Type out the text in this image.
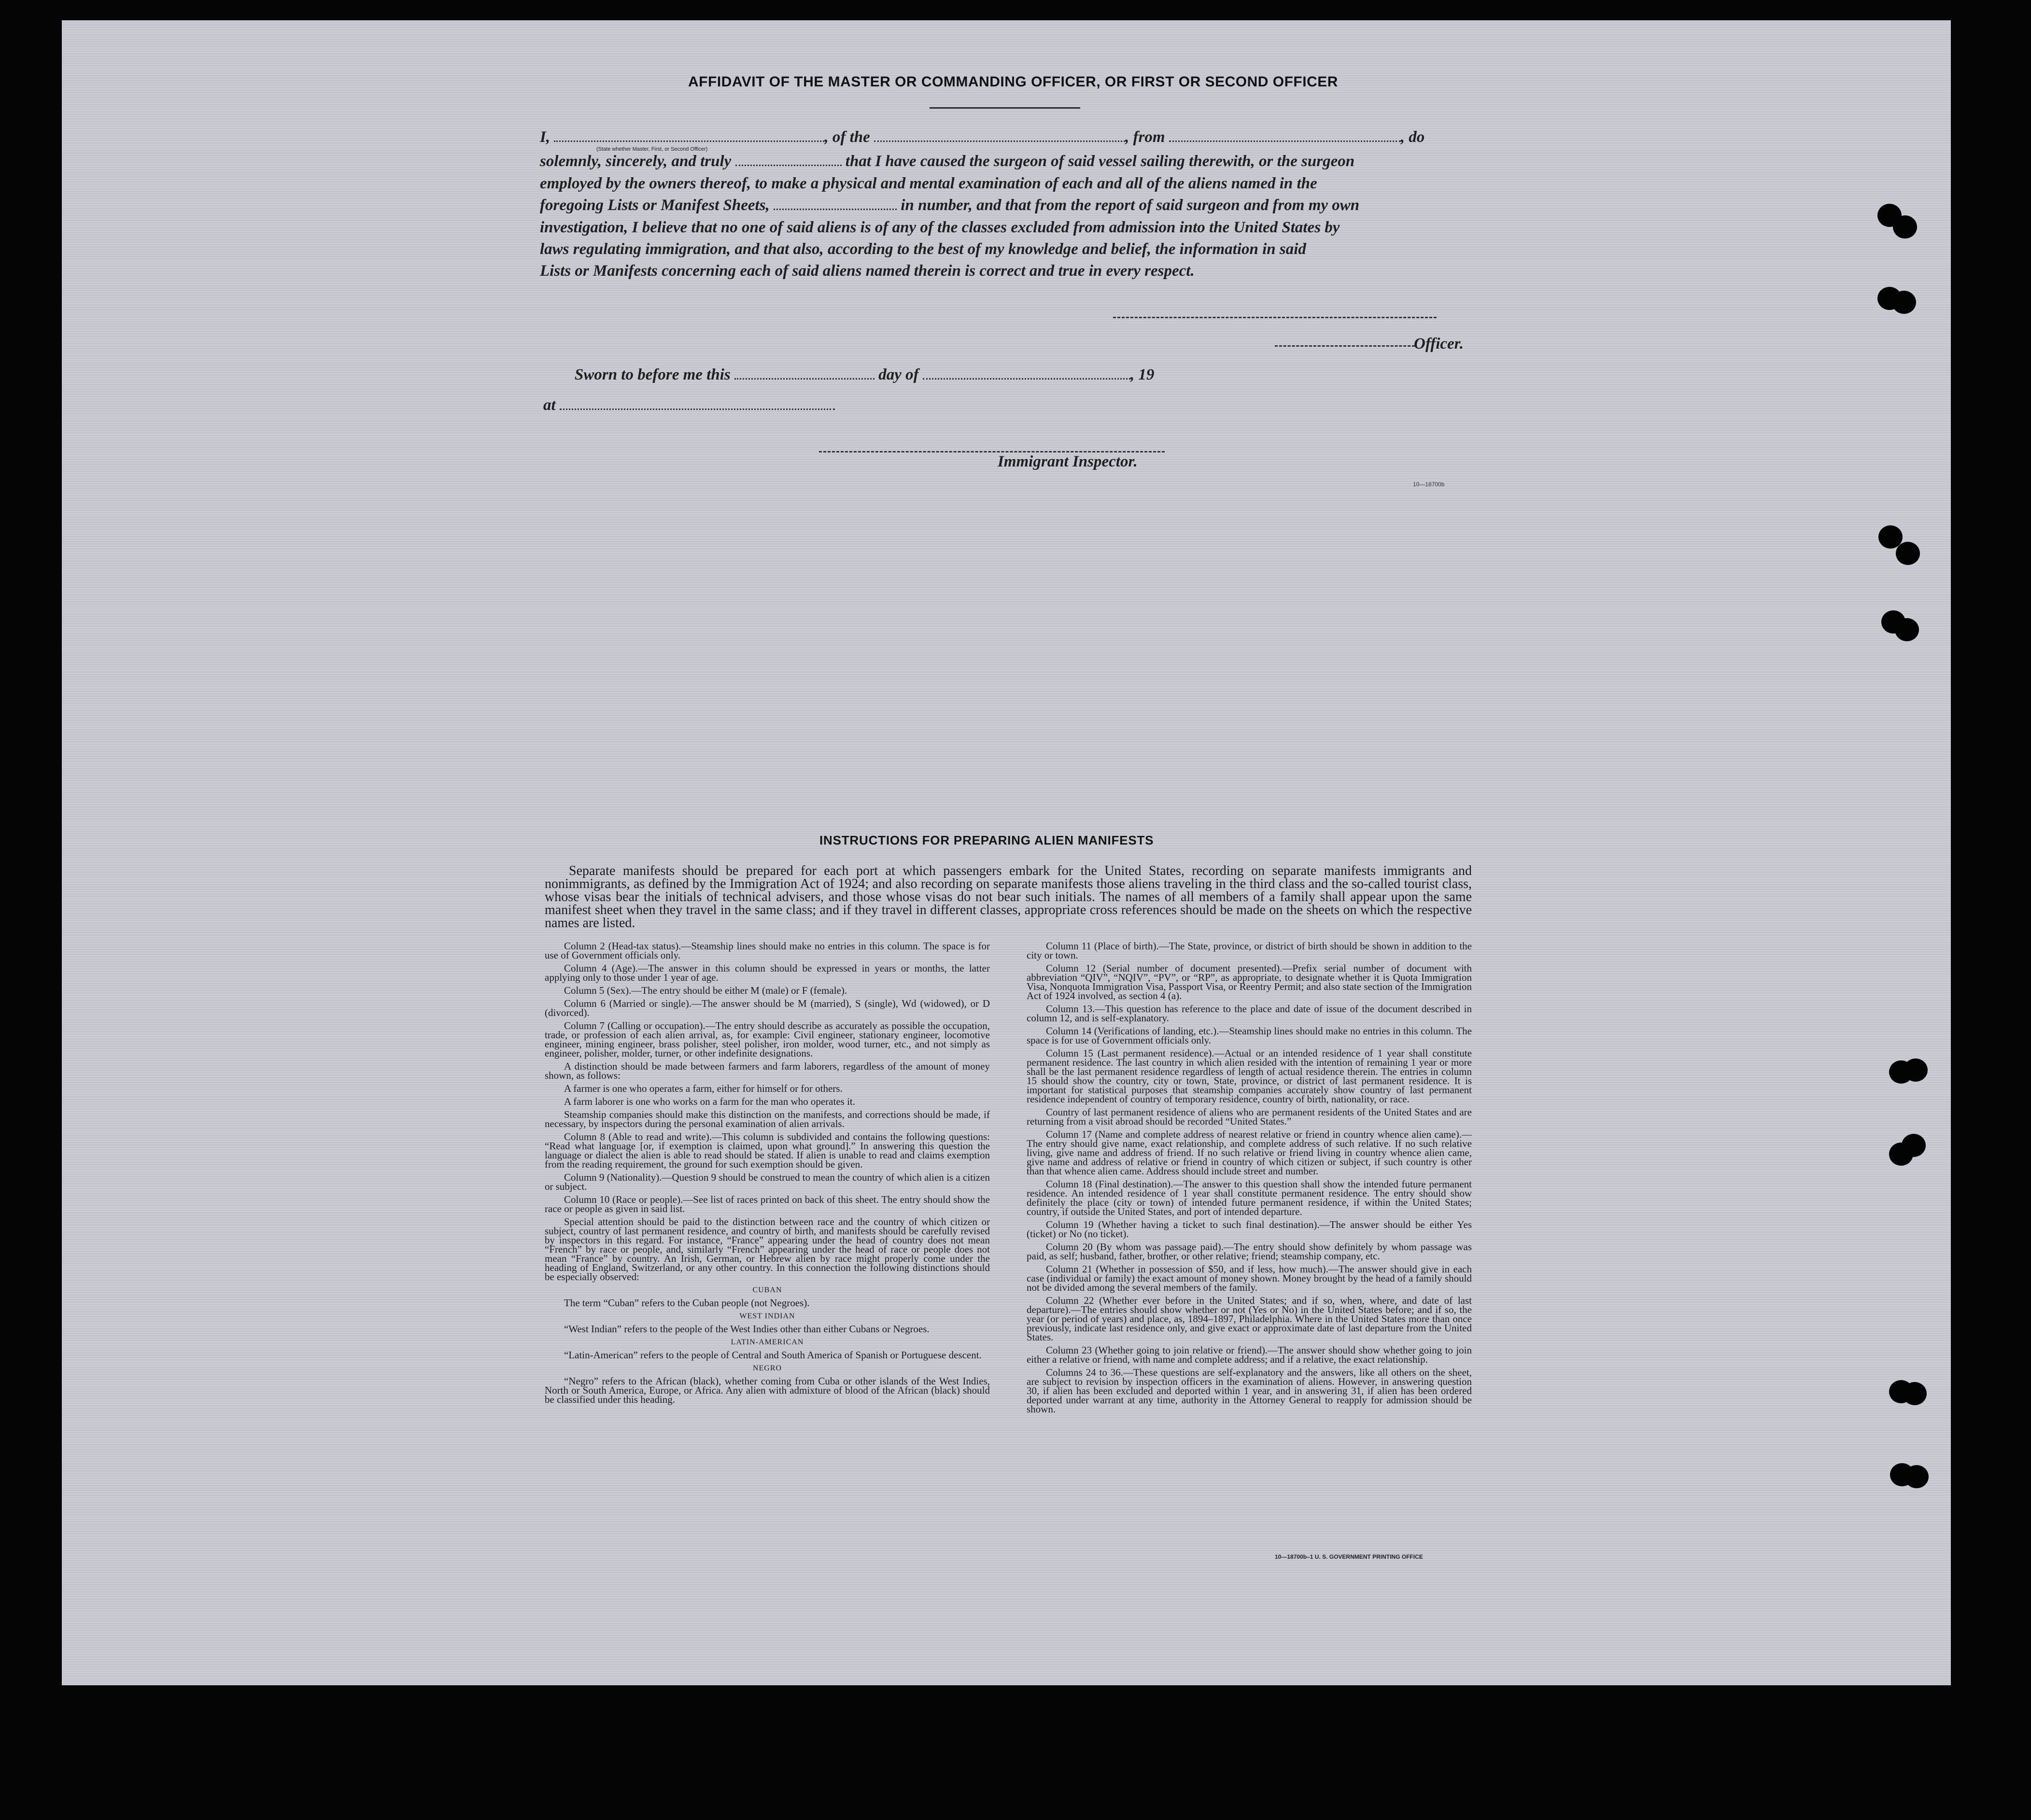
AFFIDAVIT OF THE MASTER OR COMMANDING OFFICER, OR FIRST OR SECOND OFFICER
I,	, of the	, from	, do
(State whether Master, First, or Second Officer)
solemnly, sincerely, and truly	that I have caused the surgeon of said vessel sailing therewith, or the surgeon
employed by the owners thereof, to make a physical and mental examination of each and all of the aliens named in the
foregoing Lists or Manifest Sheets,	in number, and that from the report of said surgeon and from my own
investigation, I believe that no one of said aliens is of any of the classes excluded from admission into the United States by
laws regulating immigration, and that also, according to the best of my knowledge and belief, the information in said
Lists or Manifests concerning each of said aliens named therein is correct and true in every respect.
Officer.
Sworn to before me this	day of	, 19
at
Immigrant Inspector.
10—18700b
INSTRUCTIONS FOR PREPARING ALIEN MANIFESTS

Separate manifests should be prepared for each port at which passengers embark for the United States, recording on separate manifests immigrants and nonimmigrants, as defined by the Immigration Act of 1924; and also recording on separate manifests those aliens traveling in the third class and the so-called tourist class, whose visas bear the initials of technical advisers, and those whose visas do not bear such initials. The names of all members of a family shall appear upon the same manifest sheet when they travel in the same class; and if they travel in different classes, appropriate cross references should be made on the sheets on which the respective names are listed.

Column 2 (Head-tax status).—Steamship lines should make no entries in this column. The space is for use of Government officials only.

Column 4 (Age).—The answer in this column should be expressed in years or months, the latter applying only to those under 1 year of age.

Column 5 (Sex).—The entry should be either M (male) or F (female).

Column 6 (Married or single).—The answer should be M (married), S (single), Wd (widowed), or D (divorced).

Column 7 (Calling or occupation).—The entry should describe as accurately as possible the occupation, trade, or profession of each alien arrival, as, for example: Civil engineer, stationary engineer, locomotive engineer, mining engineer, brass polisher, steel polisher, iron molder, wood turner, etc., and not simply as engineer, polisher, molder, turner, or other indefinite designations.

A distinction should be made between farmers and farm laborers, regardless of the amount of money shown, as follows:

A farmer is one who operates a farm, either for himself or for others.

A farm laborer is one who works on a farm for the man who operates it.

Steamship companies should make this distinction on the manifests, and corrections should be made, if necessary, by inspectors during the personal examination of alien arrivals.

Column 8 (Able to read and write).—This column is subdivided and contains the following questions: “Read what language [or, if exemption is claimed, upon what ground].” In answering this question the language or dialect the alien is able to read should be stated. If alien is unable to read and claims exemption from the reading requirement, the ground for such exemption should be given.

Column 9 (Nationality).—Question 9 should be construed to mean the country of which alien is a citizen or subject.

Column 10 (Race or people).—See list of races printed on back of this sheet. The entry should show the race or people as given in said list.

Special attention should be paid to the distinction between race and the country of which citizen or subject, country of last permanent residence, and country of birth, and manifests should be carefully revised by inspectors in this regard. For instance, “France” appearing under the head of country does not mean “French” by race or people, and, similarly “French” appearing under the head of race or people does not mean “France” by country. An Irish, German, or Hebrew alien by race might properly come under the heading of England, Switzerland, or any other country. In this connection the following distinctions should be especially observed:

CUBAN

The term “Cuban” refers to the Cuban people (not Negroes).

WEST INDIAN

“West Indian” refers to the people of the West Indies other than either Cubans or Negroes.

LATIN-AMERICAN

“Latin-American” refers to the people of Central and South America of Spanish or Portuguese descent.

NEGRO

“Negro” refers to the African (black), whether coming from Cuba or other islands of the West Indies, North or South America, Europe, or Africa. Any alien with admixture of blood of the African (black) should be classified under this heading.

Column 11 (Place of birth).—The State, province, or district of birth should be shown in addition to the city or town.

Column 12 (Serial number of document presented).—Prefix serial number of document with abbreviation “QIV”, “NQIV”, “PV”, or “RP”, as appropriate, to designate whether it is Quota Immigration Visa, Nonquota Immigration Visa, Passport Visa, or Reentry Permit; and also state section of the Immigration Act of 1924 involved, as section 4 (a).

Column 13.—This question has reference to the place and date of issue of the document described in column 12, and is self-explanatory.

Column 14 (Verifications of landing, etc.).—Steamship lines should make no entries in this column. The space is for use of Government officials only.

Column 15 (Last permanent residence).—Actual or an intended residence of 1 year shall constitute permanent residence. The last country in which alien resided with the intention of remaining 1 year or more shall be the last permanent residence regardless of length of actual residence therein. The entries in column 15 should show the country, city or town, State, province, or district of last permanent residence. It is important for statistical purposes that steamship companies accurately show country of last permanent residence independent of country of temporary residence, country of birth, nationality, or race.

Country of last permanent residence of aliens who are permanent residents of the United States and are returning from a visit abroad should be recorded “United States.”

Column 17 (Name and complete address of nearest relative or friend in country whence alien came).—The entry should give name, exact relationship, and complete address of such relative. If no such relative living, give name and address of friend. If no such relative or friend living in country whence alien came, give name and address of relative or friend in country of which citizen or subject, if such country is other than that whence alien came. Address should include street and number.

Column 18 (Final destination).—The answer to this question shall show the intended future permanent residence. An intended residence of 1 year shall constitute permanent residence. The entry should show definitely the place (city or town) of intended future permanent residence, if within the United States; country, if outside the United States, and port of intended departure.

Column 19 (Whether having a ticket to such final destination).—The answer should be either Yes (ticket) or No (no ticket).

Column 20 (By whom was passage paid).—The entry should show definitely by whom passage was paid, as self; husband, father, brother, or other relative; friend; steamship company, etc.

Column 21 (Whether in possession of $50, and if less, how much).—The answer should give in each case (individual or family) the exact amount of money shown. Money brought by the head of a family should not be divided among the several members of the family.

Column 22 (Whether ever before in the United States; and if so, when, where, and date of last departure).—The entries should show whether or not (Yes or No) in the United States before; and if so, the year (or period of years) and place, as, 1894–1897, Philadelphia. Where in the United States more than once previously, indicate last residence only, and give exact or approximate date of last departure from the United States.

Column 23 (Whether going to join relative or friend).—The answer should show whether going to join either a relative or friend, with name and complete address; and if a relative, the exact relationship.

Columns 24 to 36.—These questions are self-explanatory and the answers, like all others on the sheet, are subject to revision by inspection officers in the examination of aliens. However, in answering question 30, if alien has been excluded and deported within 1 year, and in answering 31, if alien has been ordered deported under warrant at any time, authority in the Attorney General to reapply for admission should be shown.

10—18700b–1 U. S. GOVERNMENT PRINTING OFFICE
